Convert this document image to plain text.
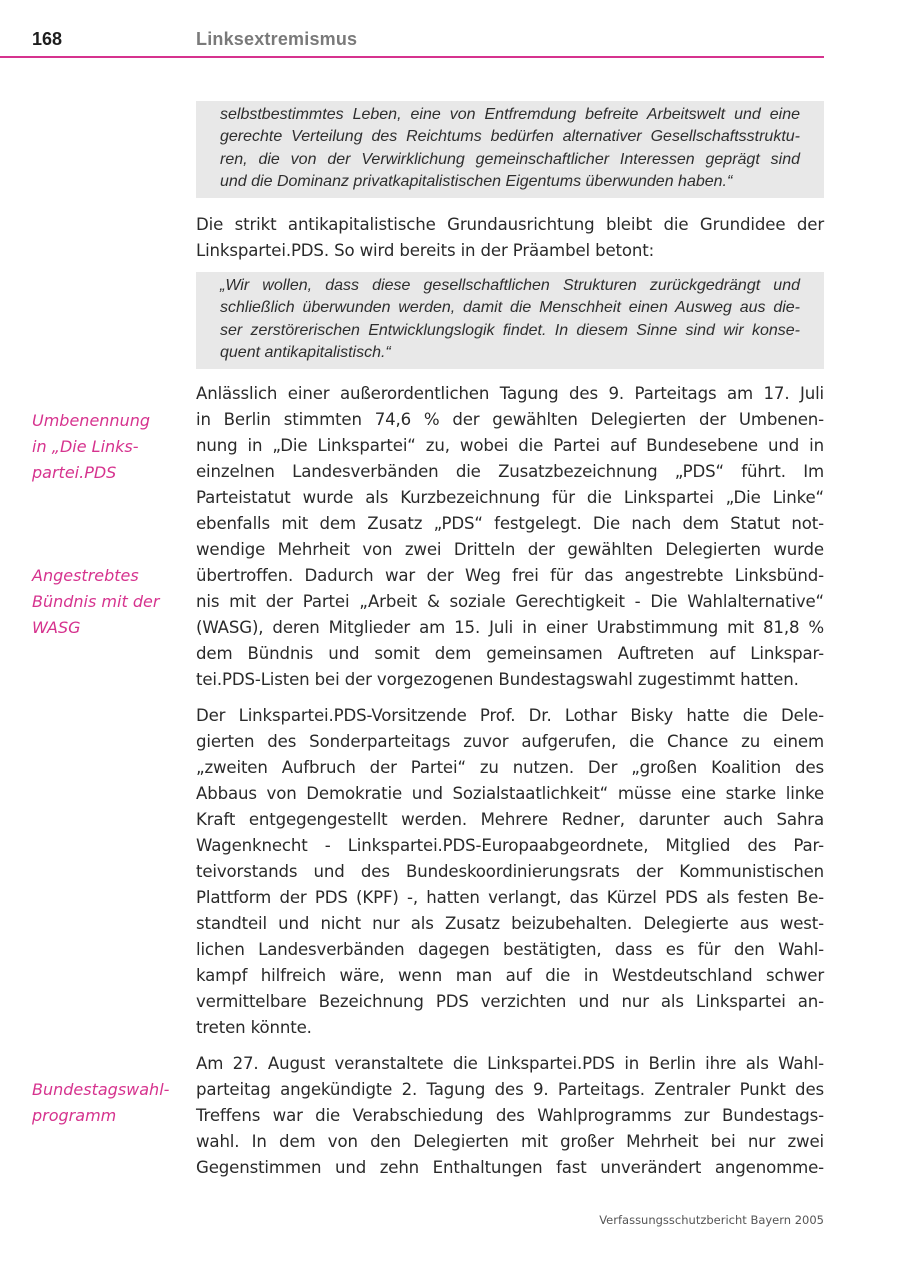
168	Linksextremismus
selbstbestimmtes Leben, eine von Entfremdung befreite Arbeitswelt und eine
gerechte Verteilung des Reichtums bedürfen alternativer Gesellschaftsstruktu-
ren, die von der Verwirklichung gemeinschaftlicher Interessen geprägt sind
und die Dominanz privatkapitalistischen Eigentums überwunden haben.“
Die strikt antikapitalistische Grundausrichtung bleibt die Grundidee der
Linkspartei.PDS. So wird bereits in der Präambel betont:
„Wir wollen, dass diese gesellschaftlichen Strukturen zurückgedrängt und
schließlich überwunden werden, damit die Menschheit einen Ausweg aus die-
ser zerstörerischen Entwicklungslogik findet. In diesem Sinne sind wir konse-
quent antikapitalistisch.“
Umbenennung
in „Die Links-
partei.PDS
Anlässlich einer außerordentlichen Tagung des 9. Parteitags am 17. Juli
in Berlin stimmten 74,6 % der gewählten Delegierten der Umbenen-
nung in „Die Linkspartei“ zu, wobei die Partei auf Bundesebene und in
einzelnen Landesverbänden die Zusatzbezeichnung „PDS“ führt. Im
Parteistatut wurde als Kurzbezeichnung für die Linkspartei „Die Linke“
ebenfalls mit dem Zusatz „PDS“ festgelegt. Die nach dem Statut not-
wendige Mehrheit von zwei Dritteln der gewählten Delegierten wurde
übertroffen. Dadurch war der Weg frei für das angestrebte Linksbünd-
nis mit der Partei „Arbeit & soziale Gerechtigkeit - Die Wahlalternative“
(WASG), deren Mitglieder am 15. Juli in einer Urabstimmung mit 81,8 %
dem Bündnis und somit dem gemeinsamen Auftreten auf Linkspar-
tei.PDS-Listen bei der vorgezogenen Bundestagswahl zugestimmt hatten.
Angestrebtes
Bündnis mit der
WASG
Der Linkspartei.PDS-Vorsitzende Prof. Dr. Lothar Bisky hatte die Dele-
gierten des Sonderparteitags zuvor aufgerufen, die Chance zu einem
„zweiten Aufbruch der Partei“ zu nutzen. Der „großen Koalition des
Abbaus von Demokratie und Sozialstaatlichkeit“ müsse eine starke linke
Kraft entgegengestellt werden. Mehrere Redner, darunter auch Sahra
Wagenknecht - Linkspartei.PDS-Europaabgeordnete, Mitglied des Par-
teivorstands und des Bundeskoordinierungsrats der Kommunistischen
Plattform der PDS (KPF) -, hatten verlangt, das Kürzel PDS als festen Be-
standteil und nicht nur als Zusatz beizubehalten. Delegierte aus west-
lichen Landesverbänden dagegen bestätigten, dass es für den Wahl-
kampf hilfreich wäre, wenn man auf die in Westdeutschland schwer
vermittelbare Bezeichnung PDS verzichten und nur als Linkspartei an-
treten könnte.
Bundestagswahl-
programm
Am 27. August veranstaltete die Linkspartei.PDS in Berlin ihre als Wahl-
parteitag angekündigte 2. Tagung des 9. Parteitags. Zentraler Punkt des
Treffens war die Verabschiedung des Wahlprogramms zur Bundestags-
wahl. In dem von den Delegierten mit großer Mehrheit bei nur zwei
Gegenstimmen und zehn Enthaltungen fast unverändert angenomme-
Verfassungsschutzbericht Bayern 2005
